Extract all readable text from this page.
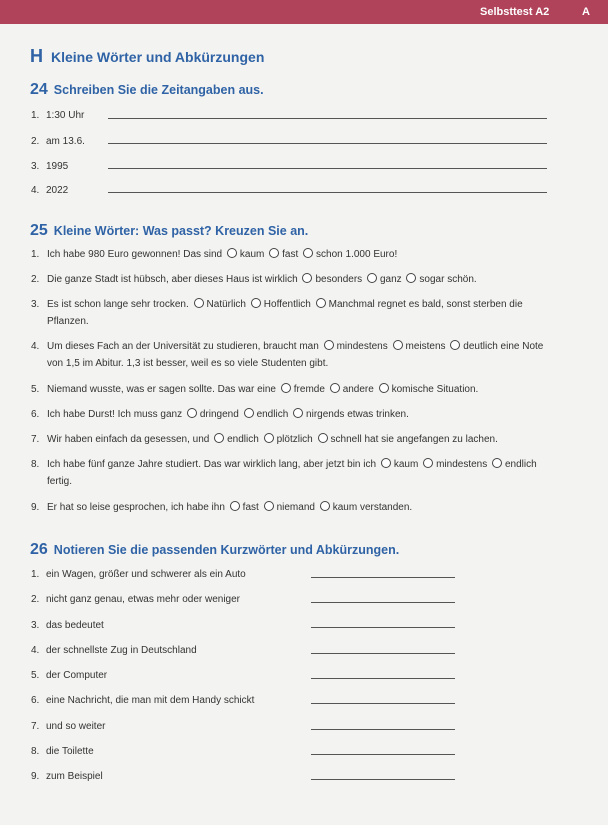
Selbsttest A2	A
H Kleine Wörter und Abkürzungen
24 Schreiben Sie die Zeitangaben aus.
1. 1:30 Uhr
2. am 13.6.
3. 1995
4. 2022
25 Kleine Wörter: Was passt? Kreuzen Sie an.
1. Ich habe 980 Euro gewonnen! Das sind kaum fast schon 1.000 Euro!
2. Die ganze Stadt ist hübsch, aber dieses Haus ist wirklich besonders ganz sogar schön.
3. Es ist schon lange sehr trocken. Natürlich Hoffentlich Manchmal regnet es bald, sonst sterben die Pflanzen.
4. Um dieses Fach an der Universität zu studieren, braucht man mindestens meistens deutlich eine Note von 1,5 im Abitur. 1,3 ist besser, weil es so viele Studenten gibt.
5. Niemand wusste, was er sagen sollte. Das war eine fremde andere komische Situation.
6. Ich habe Durst! Ich muss ganz dringend endlich nirgends etwas trinken.
7. Wir haben einfach da gesessen, und endlich plötzlich schnell hat sie angefangen zu lachen.
8. Ich habe fünf ganze Jahre studiert. Das war wirklich lang, aber jetzt bin ich kaum mindestens endlich fertig.
9. Er hat so leise gesprochen, ich habe ihn fast niemand kaum verstanden.
26 Notieren Sie die passenden Kurzwörter und Abkürzungen.
1. ein Wagen, größer und schwerer als ein Auto
2. nicht ganz genau, etwas mehr oder weniger
3. das bedeutet
4. der schnellste Zug in Deutschland
5. der Computer
6. eine Nachricht, die man mit dem Handy schickt
7. und so weiter
8. die Toilette
9. zum Beispiel
